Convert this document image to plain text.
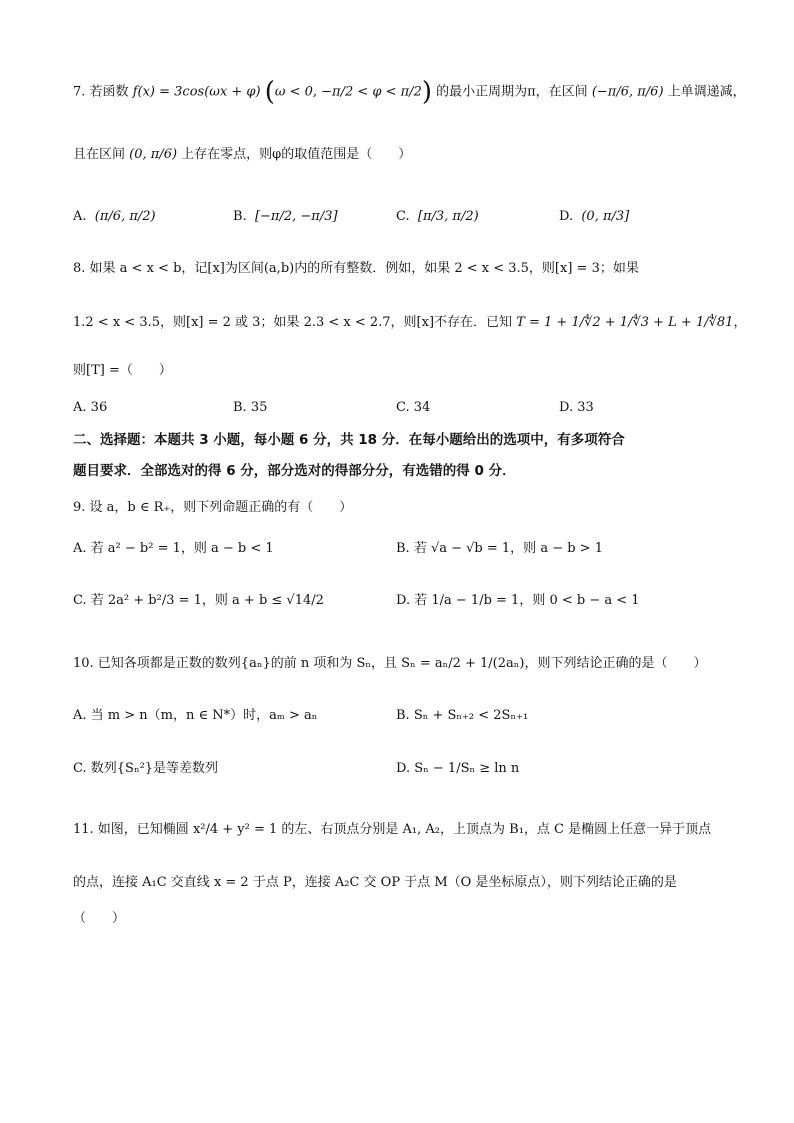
7. 若函数 f(x) = 3cos(ωx + φ) (ω < 0, −π/2 < φ < π/2) 的最小正周期为π，在区间 (−π/6, π/6) 上单调递减，
且在区间 (0, π/6) 上存在零点，则φ的取值范围是（　　）
A. (π/6, π/2)	B. [−π/2, −π/3]	C. [π/3, π/2)	D. (0, π/3]
8. 如果 a < x < b，记[x]为区间(a,b)内的所有整数．例如，如果 2 < x < 3.5，则[x] = 3；如果
1.2 < x < 3.5，则[x] = 2 或 3；如果 2.3 < x < 2.7，则[x]不存在．已知 T = 1 + 1/∜2 + 1/∜3 + L + 1/∜81，
则[T] =（　　）
A. 36	B. 35	C. 34	D. 33
二、选择题：本题共 3 小题，每小题 6 分，共 18 分．在每小题给出的选项中，有多项符合
题目要求．全部选对的得 6 分，部分选对的得部分分，有选错的得 0 分．
9. 设 a，b ∈ R₊，则下列命题正确的有（　　）
A. 若 a² − b² = 1，则 a − b < 1	B. 若 √a − √b = 1，则 a − b > 1
C. 若 2a² + b²/3 = 1，则 a + b ≤ √14/2	D. 若 1/a − 1/b = 1，则 0 < b − a < 1
10. 已知各项都是正数的数列{aₙ}的前 n 项和为 Sₙ，且 Sₙ = aₙ/2 + 1/(2aₙ)，则下列结论正确的是（　　）
A. 当 m > n（m，n ∈ N*）时，aₘ > aₙ	B. Sₙ + Sₙ₊₂ < 2Sₙ₊₁
C. 数列{Sₙ²}是等差数列	D. Sₙ − 1/Sₙ ≥ ln n
11. 如图，已知椭圆 x²/4 + y² = 1 的左、右顶点分别是 A₁, A₂，上顶点为 B₁，点 C 是椭圆上任意一异于顶点
的点，连接 A₁C 交直线 x = 2 于点 P，连接 A₂C 交 OP 于点 M（O 是坐标原点），则下列结论正确的是
（　　）
